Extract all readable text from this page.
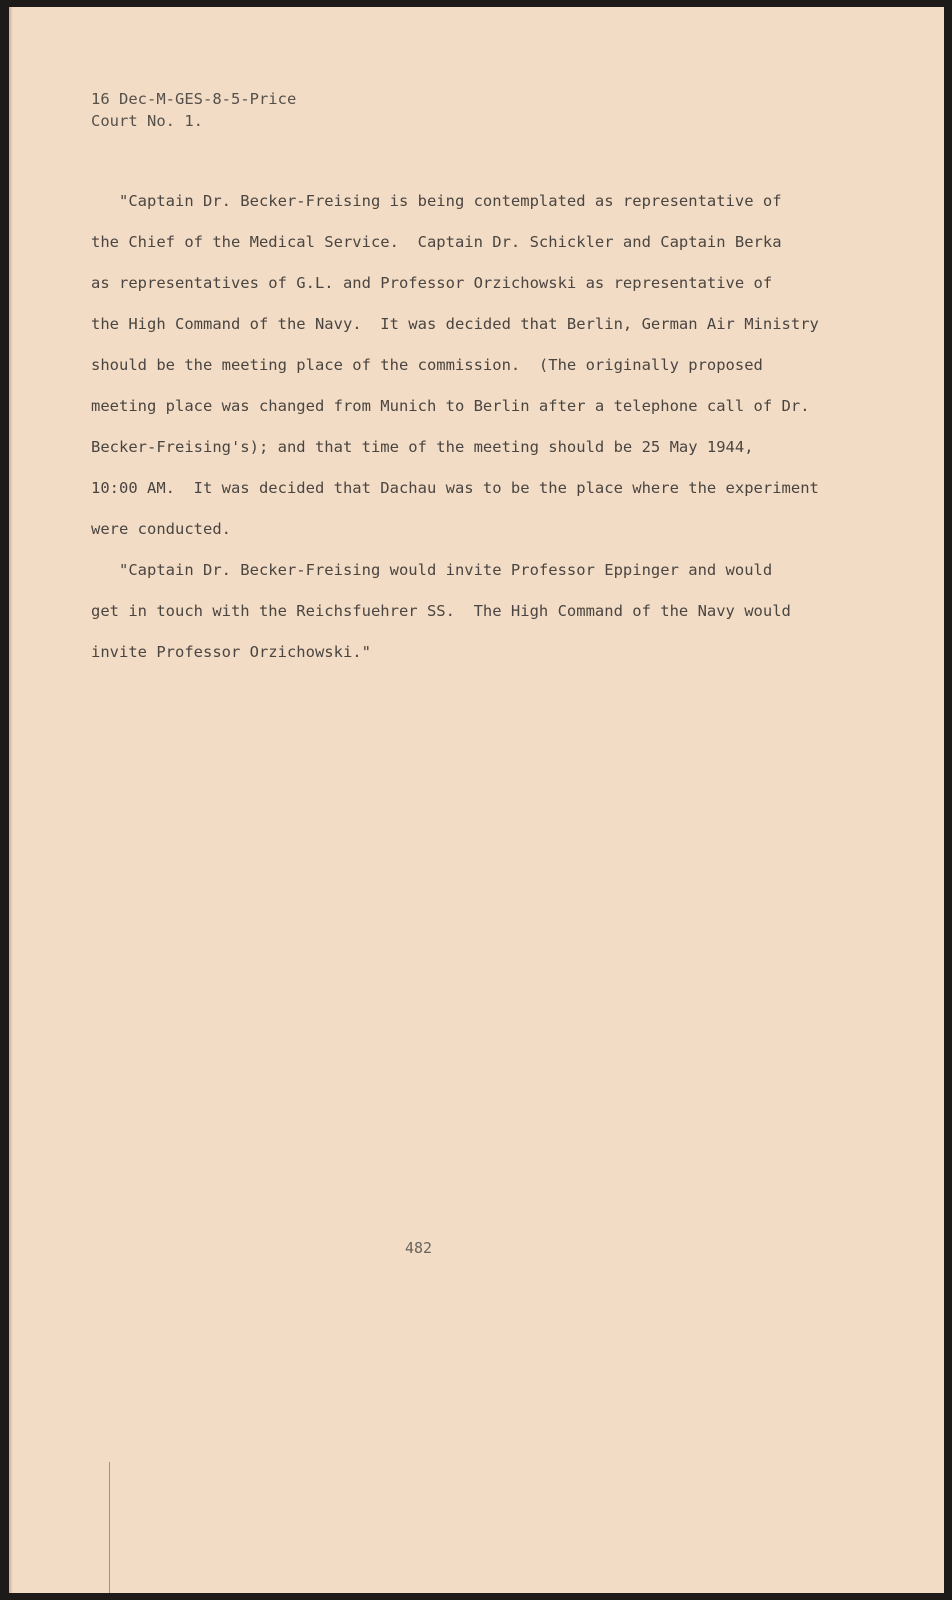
16 Dec-M-GES-8-5-Price
Court No. 1.
"Captain Dr. Becker-Freising is being contemplated as representative of
the Chief of the Medical Service.  Captain Dr. Schickler and Captain Berka
as representatives of G.L. and Professor Orzichowski as representative of
the High Command of the Navy.  It was decided that Berlin, German Air Ministry
should be the meeting place of the commission.  (The originally proposed
meeting place was changed from Munich to Berlin after a telephone call of Dr.
Becker-Freising's); and that time of the meeting should be 25 May 1944,
10:00 AM.  It was decided that Dachau was to be the place where the experiment
were conducted.
"Captain Dr. Becker-Freising would invite Professor Eppinger and would
get in touch with the Reichsfuehrer SS.  The High Command of the Navy would
invite Professor Orzichowski."
482
